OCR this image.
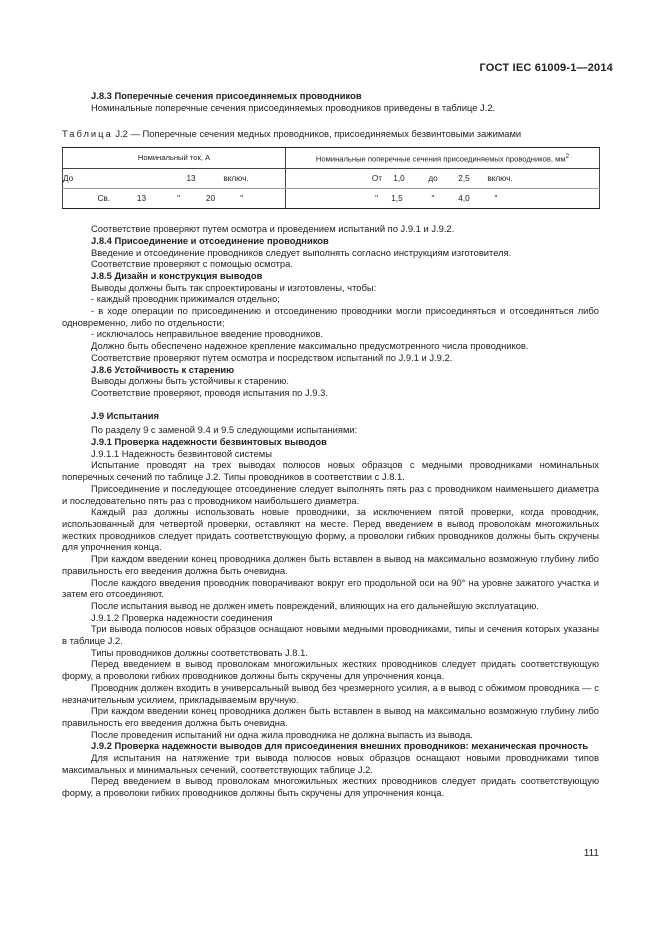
ГОСТ IEC 61009-1—2014

J.8.3 Поперечные сечения присоединяемых проводников

Номинальные поперечные сечения присоединяемых проводников приведены в таблице J.2.

Таблица J.2 — Поперечные сечения медных проводников, присоединяемых безвинтовыми зажимами

Номинальный ток, А	Номинальные поперечные сечения присоединяемых проводников, $мм^2$

До 13 включ.	От 1,0 до 2,5 включ.

Св. 13 " 20 "	" 1,5 " 4,0 "

Соответствие проверяют путем осмотра и проведением испытаний по J.9.1 и J.9.2.

J.8.4 Присоединение и отсоединение проводников

Введение и отсоединение проводников следует выполнять согласно инструкциям изготовителя.

Соответствие проверяют с помощью осмотра.

J.8.5 Дизайн и конструкция выводов

Выводы должны быть так спроектированы и изготовлены, чтобы:

- каждый проводник прижимался отдельно;

- в ходе операции по присоединению и отсоединению проводники могли присоединяться и отсоединяться либо одновременно, либо по отдельности;

- исключалось неправильное введение проводников.

Должно быть обеспечено надежное крепление максимально предусмотренного числа проводников.

Соответствие проверяют путем осмотра и посредством испытаний по J.9.1 и J.9.2.

J.8.6 Устойчивость к старению

Выводы должны быть устойчивы к старению.

Соответствие проверяют, проводя испытания по J.9.3.

J.9 Испытания

По разделу 9 с заменой 9.4 и 9.5 следующими испытаниями:

J.9.1 Проверка надежности безвинтовых выводов

J.9.1.1 Надежность безвинтовой системы

Испытание проводят на трех выводах полюсов новых образцов с медными проводниками номинальных поперечных сечений по таблице J.2. Типы проводников в соответствии с J.8.1.

Присоединение и последующее отсоединение следует выполнять пять раз с проводником наименьшего диаметра и последовательно пять раз с проводником наибольшего диаметра.

Каждый раз должны использовать новые проводники, за исключением пятой проверки, когда проводник, использованный для четвертой проверки, оставляют на месте. Перед введением в вывод проволокам многожильных жестких проводников следует придать соответствующую форму, а проволоки гибких проводников должны быть скручены для упрочнения конца.

При каждом введении конец проводника должен быть вставлен в вывод на максимально возможную глубину либо правильность его введения должна быть очевидна.

После каждого введения проводник поворачивают вокруг его продольной оси на 90° на уровне зажатого участка и затем его отсоединяют.

После испытания вывод не должен иметь повреждений, влияющих на его дальнейшую эксплуатацию.

J.9.1.2 Проверка надежности соединения

Три вывода полюсов новых образцов оснащают новыми медными проводниками, типы и сечения которых указаны в таблице J.2.

Типы проводников должны соответствовать J.8.1.

Перед введением в вывод проволокам многожильных жестких проводников следует придать соответствующую форму, а проволоки гибких проводников должны быть скручены для упрочнения конца.

Проводник должен входить в универсальный вывод без чрезмерного усилия, а в вывод с обжимом проводника — с незначительным усилием, прикладываемым вручную.

При каждом введении конец проводника должен быть вставлен в вывод на максимально возможную глубину либо правильность его введения должна быть очевидна.

После проведения испытаний ни одна жила проводника не должна выпасть из вывода.

J.9.2 Проверка надежности выводов для присоединения внешних проводников: механическая прочность

Для испытания на натяжение три вывода полюсов новых образцов оснащают новыми проводниками типов максимальных и минимальных сечений, соответствующих таблице J.2.

Перед введением в вывод проволокам многожильных жестких проводников следует придать соответствующую форму, а проволоки гибких проводников должны быть скручены для упрочнения конца.

111
